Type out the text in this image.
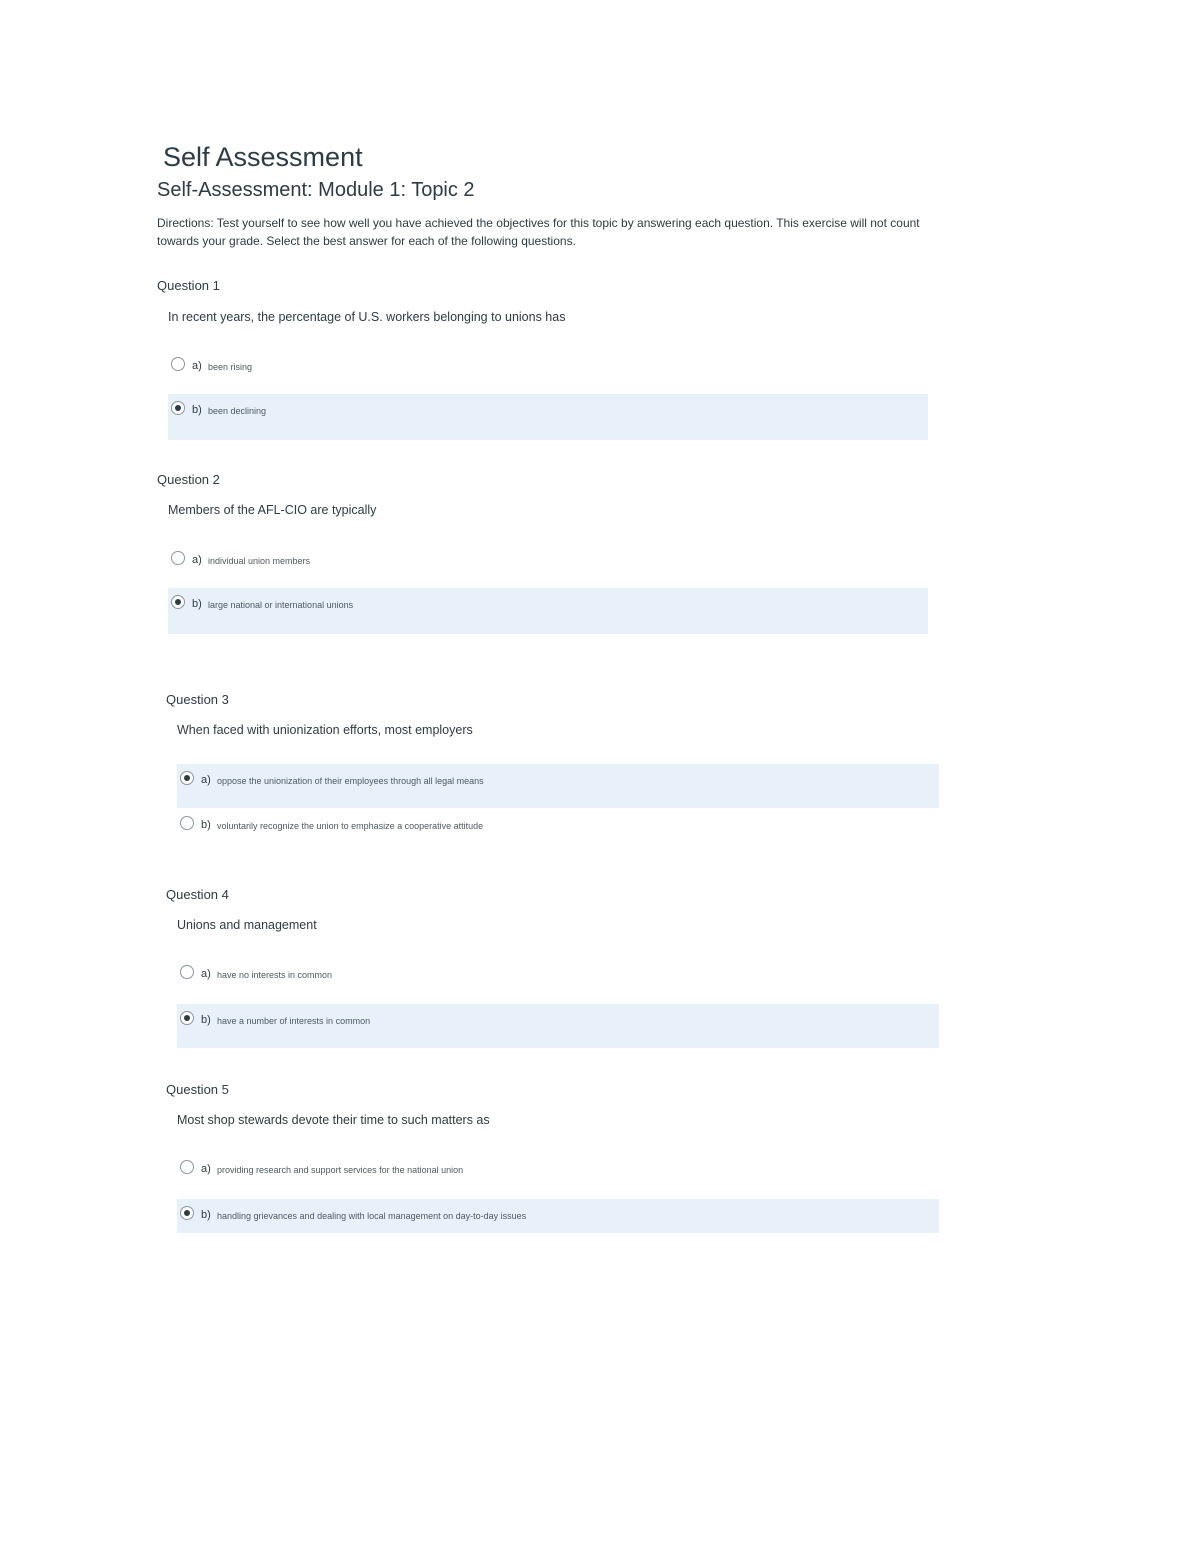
Self Assessment
Self-Assessment: Module 1: Topic 2
Directions: Test yourself to see how well you have achieved the objectives for this topic by answering each question. This exercise will not count towards your grade. Select the best answer for each of the following questions.
Question 1
In recent years, the percentage of U.S. workers belonging to unions has
a) been rising
b) been declining
Question 2
Members of the AFL-CIO are typically
a) individual union members
b) large national or international unions
Question 3
When faced with unionization efforts, most employers
a) oppose the unionization of their employees through all legal means
b) voluntarily recognize the union to emphasize a cooperative attitude
Question 4
Unions and management
a) have no interests in common
b) have a number of interests in common
Question 5
Most shop stewards devote their time to such matters as
a) providing research and support services for the national union
b) handling grievances and dealing with local management on day-to-day issues
